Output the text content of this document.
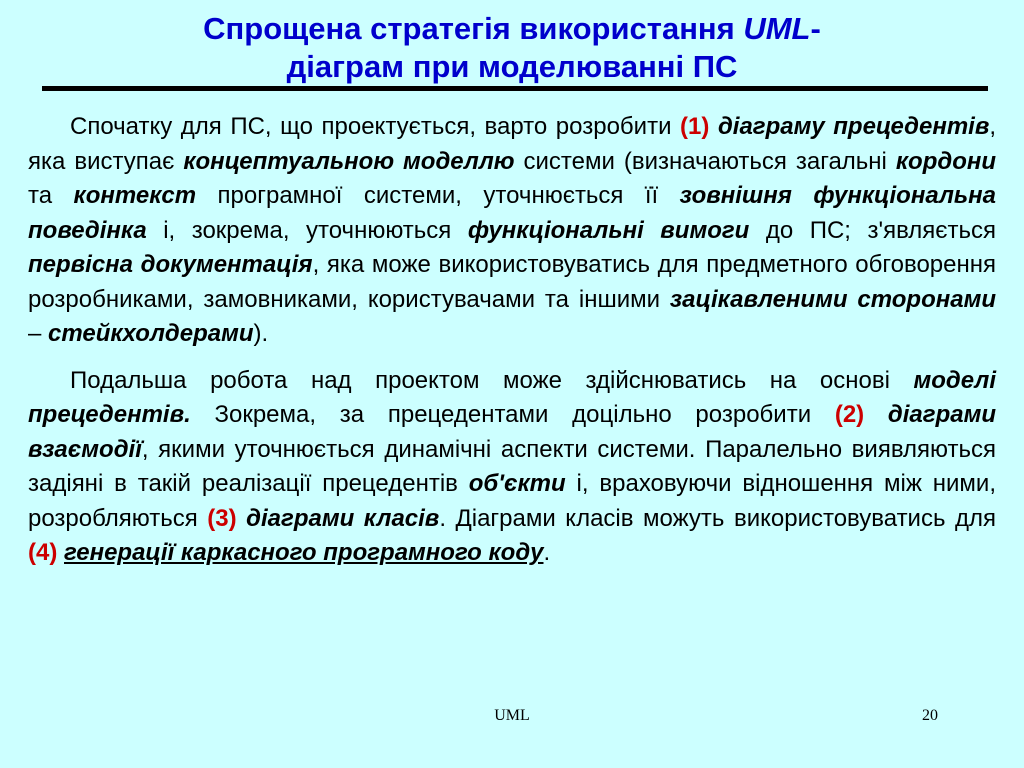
Спрощена стратегія використання UML-
діаграм при моделюванні ПС

Спочатку для ПС, що проектується, варто розробити (1) діаграму прецедентів, яка виступає концептуальною моделлю системи (визначаються загальні кордони та контекст програмної системи, уточнюється її зовнішня функціональна поведінка і, зокрема, уточнюються функціональні вимоги до ПС; з'являється первісна документація, яка може використовуватись для предметного обговорення розробниками, замовниками, користувачами та іншими зацікавленими сторонами – стейкхолдерами).

Подальша робота над проектом може здійснюватись на основі моделі прецедентів. Зокрема, за прецедентами доцільно розробити (2) діаграми взаємодії, якими уточнюється динамічні аспекти системи. Паралельно виявляються задіяні в такій реалізації прецедентів об'єкти і, враховуючи відношення між ними, розробляються (3) діаграми класів. Діаграми класів можуть використовуватись для (4) генерації каркасного програмного коду.

UML	20
